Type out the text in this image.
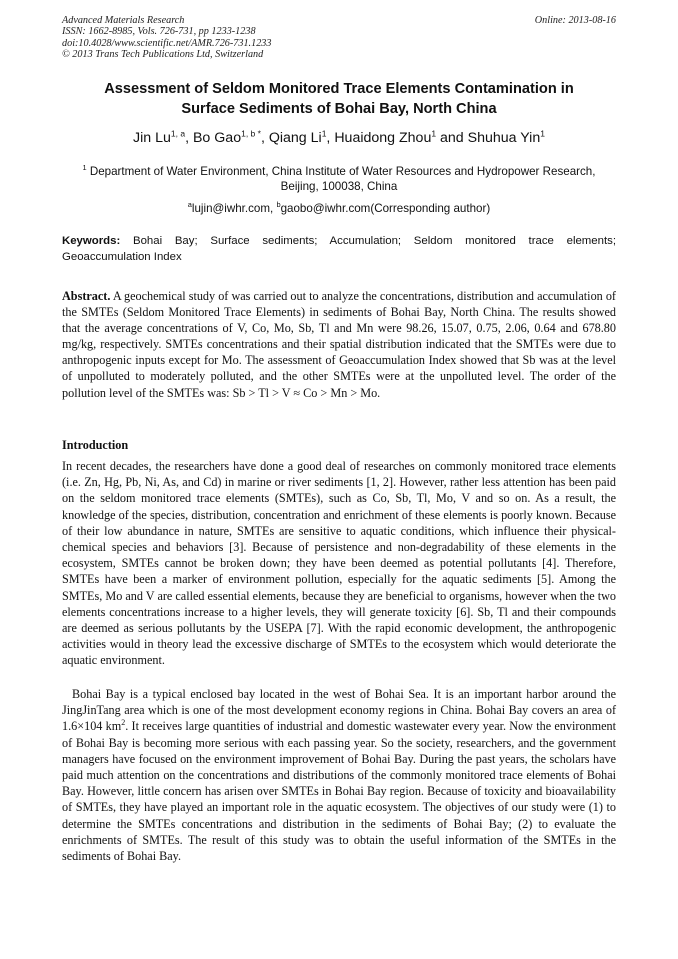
Advanced Materials Research
ISSN: 1662-8985, Vols. 726-731, pp 1233-1238
doi:10.4028/www.scientific.net/AMR.726-731.1233
© 2013 Trans Tech Publications Ltd, Switzerland
Online: 2013-08-16
Assessment of Seldom Monitored Trace Elements Contamination in
Surface Sediments of Bohai Bay, North China
Jin Lu$^{1, a}$, Bo Gao$^{1, b *}$, Qiang Li$^1$, Huaidong Zhou$^1$ and Shuhua Yin$^1$
$^1$ Department of Water Environment, China Institute of Water Resources and Hydropower Research,
Beijing, 100038, China
$^a$lujin@iwhr.com, $^b$gaobo@iwhr.com(Corresponding author)
Keywords: Bohai Bay; Surface sediments; Accumulation; Seldom monitored trace elements; Geoaccumulation Index
Abstract. A geochemical study of was carried out to analyze the concentrations, distribution and accumulation of the SMTEs (Seldom Monitored Trace Elements) in sediments of Bohai Bay, North China. The results showed that the average concentrations of V, Co, Mo, Sb, Tl and Mn were 98.26, 15.07, 0.75, 2.06, 0.64 and 678.80 mg/kg, respectively. SMTEs concentrations and their spatial distribution indicated that the SMTEs were due to anthropogenic inputs except for Mo. The assessment of Geoaccumulation Index showed that Sb was at the level of unpolluted to moderately polluted, and the other SMTEs were at the unpolluted level. The order of the pollution level of the SMTEs was: Sb > Tl > V ≈ Co > Mn > Mo.
Introduction

In recent decades, the researchers have done a good deal of researches on commonly monitored trace elements (i.e. Zn, Hg, Pb, Ni, As, and Cd) in marine or river sediments [1, 2]. However, rather less attention has been paid on the seldom monitored trace elements (SMTEs), such as Co, Sb, Tl, Mo, V and so on. As a result, the knowledge of the species, distribution, concentration and enrichment of these elements is poorly known. Because of their low abundance in nature, SMTEs are sensitive to aquatic conditions, which influence their physical-chemical species and behaviors [3]. Because of persistence and non-degradability of these elements in the ecosystem, SMTEs cannot be broken down; they have been deemed as potential pollutants [4]. Therefore, SMTEs have been a marker of environment pollution, especially for the aquatic sediments [5]. Among the SMTEs, Mo and V are called essential elements, because they are beneficial to organisms, however when the two elements concentrations increase to a higher levels, they will generate toxicity [6]. Sb, Tl and their compounds are deemed as serious pollutants by the USEPA [7]. With the rapid economic development, the anthropogenic activities would in theory lead the excessive discharge of SMTEs to the ecosystem which would deteriorate the aquatic environment.

Bohai Bay is a typical enclosed bay located in the west of Bohai Sea. It is an important harbor around the JingJinTang area which is one of the most development economy regions in China. Bohai Bay covers an area of 1.6×104 $km^2$. It receives large quantities of industrial and domestic wastewater every year. Now the environment of Bohai Bay is becoming more serious with each passing year. So the society, researchers, and the government managers have focused on the environment improvement of Bohai Bay. During the past years, the scholars have paid much attention on the concentrations and distributions of the commonly monitored trace elements of Bohai Bay. However, little concern has arisen over SMTEs in Bohai Bay region. Because of toxicity and bioavailability of SMTEs, they have played an important role in the aquatic ecosystem. The objectives of our study were (1) to determine the SMTEs concentrations and distribution in the sediments of Bohai Bay; (2) to evaluate the enrichments of SMTEs. The result of this study was to obtain the useful information of the SMTEs in the sediments of Bohai Bay.
